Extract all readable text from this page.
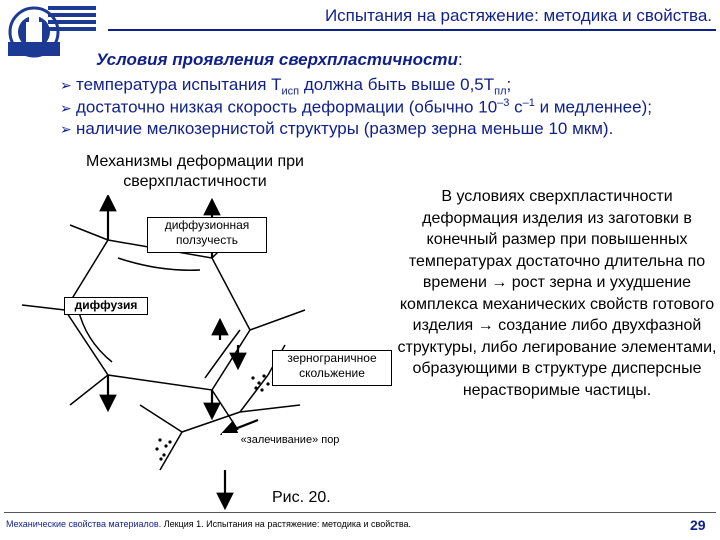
Испытания на растяжение: методика и свойства.
Условия проявления сверхпластичности:
➢ температура испытания $Т_{исп}$ должна быть выше $0,5Т_{пл}$;
➢ достаточно низкая скорость деформации (обычно $10^{-3}$ $с^{-1}$ и медленнее);
➢ наличие мелкозернистой структуры (размер зерна меньше 10 мкм).
Механизмы деформации при
сверхпластичности
диффузионная
ползучесть
диффузия
зернограничное
скольжение
«залечивание» пор
В условиях сверхпластичности деформация изделия из заготовки в конечный размер при повышенных температурах достаточно длительна по времени → рост зерна и ухудшение комплекса механических свойств готового изделия → создание либо двухфазной структуры, либо легирование элементами, образующими в структуре дисперсные нерастворимые частицы.
Рис. 20.
Механические свойства материалов. Лекция 1. Испытания на растяжение: методика и свойства.	29
